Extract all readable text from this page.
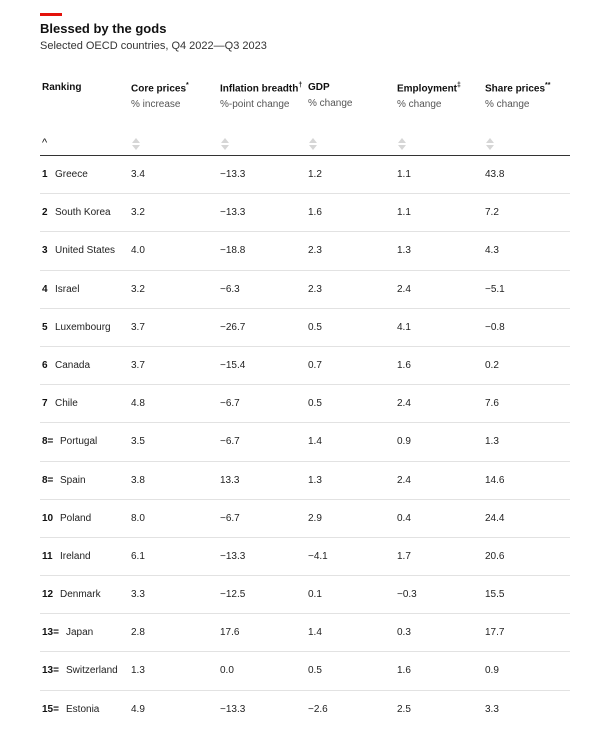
Blessed by the gods
Selected OECD countries, Q4 2022—Q3 2023
Ranking	Core prices*
% increase
Inflation breadth†
%-point change
GDP
% change
Employment‡
% change
Share prices**
% change
^
1 Greece	3.4	−13.3	1.2	1.1	43.8
2 South Korea 3.2	−13.3	1.6	1.1	7.2
3 United States 4.0	−18.8	2.3	1.3	4.3
4 Israel	3.2	−6.3	2.3	2.4	−5.1
5 Luxembourg 3.7	−26.7	0.5	4.1	−0.8
6 Canada	3.7	−15.4	0.7	1.6	0.2
7 Chile	4.8	−6.7	0.5	2.4	7.6
8= Portugal	3.5	−6.7	1.4	0.9	1.3
8= Spain	3.8	13.3	1.3	2.4	14.6
10 Poland	8.0	−6.7	2.9	0.4	24.4
11 Ireland	6.1	−13.3	−4.1	1.7	20.6
12 Denmark	3.3	−12.5	0.1	−0.3	15.5
13= Japan	2.8	17.6	1.4	0.3	17.7
13= Switzerland 1.3	0.0	0.5	1.6	0.9
15= Estonia	4.9	−13.3	−2.6	2.5	3.3
